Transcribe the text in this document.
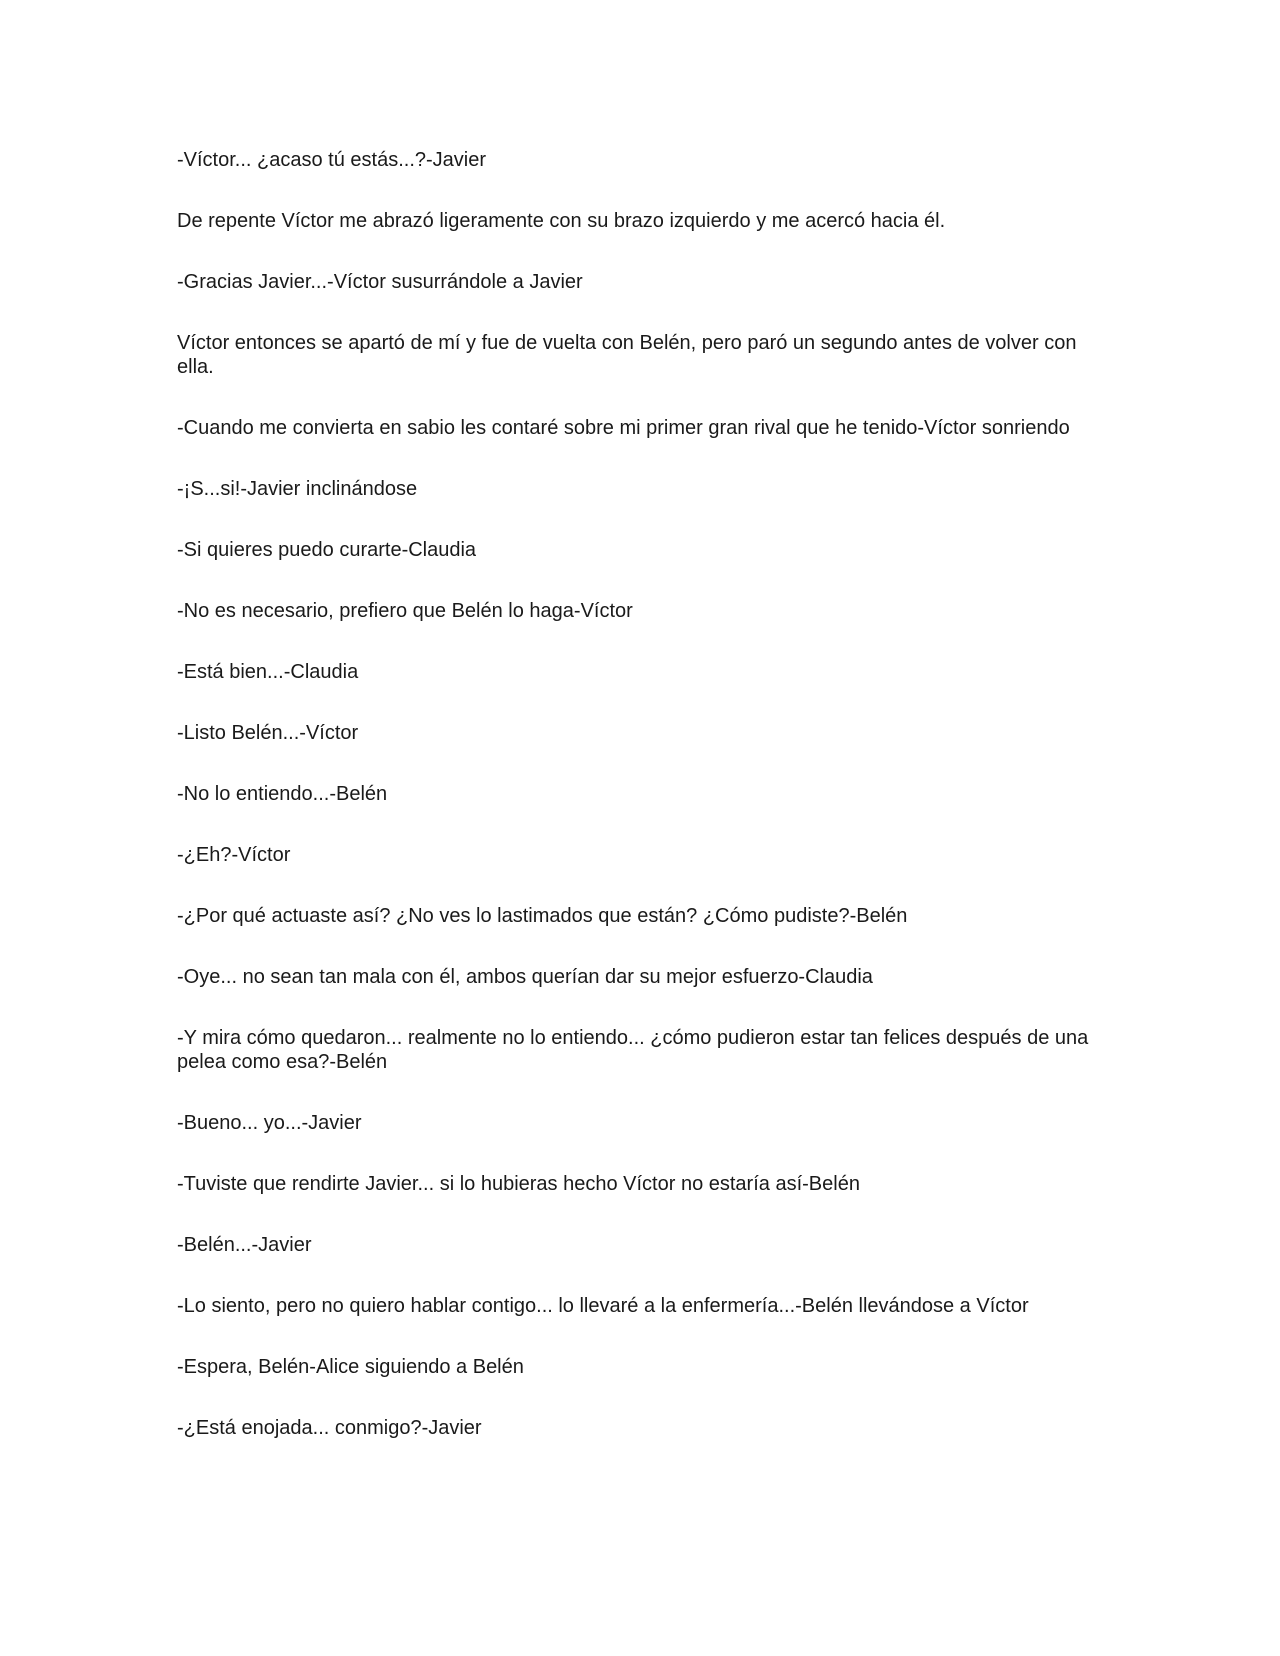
-Víctor... ¿acaso tú estás...?-Javier

De repente Víctor me abrazó ligeramente con su brazo izquierdo y me acercó hacia él.

-Gracias Javier...-Víctor susurrándole a Javier

Víctor entonces se apartó de mí y fue de vuelta con Belén, pero paró un segundo antes de volver con ella.

-Cuando me convierta en sabio les contaré sobre mi primer gran rival que he tenido-Víctor sonriendo

-¡S...si!-Javier inclinándose

-Si quieres puedo curarte-Claudia

-No es necesario, prefiero que Belén lo haga-Víctor

-Está bien...-Claudia

-Listo Belén...-Víctor

-No lo entiendo...-Belén

-¿Eh?-Víctor

-¿Por qué actuaste así? ¿No ves lo lastimados que están? ¿Cómo pudiste?-Belén

-Oye... no sean tan mala con él, ambos querían dar su mejor esfuerzo-Claudia

-Y mira cómo quedaron... realmente no lo entiendo... ¿cómo pudieron estar tan felices después de una pelea como esa?-Belén

-Bueno... yo...-Javier

-Tuviste que rendirte Javier... si lo hubieras hecho Víctor no estaría así-Belén

-Belén...-Javier

-Lo siento, pero no quiero hablar contigo... lo llevaré a la enfermería...-Belén llevándose a Víctor

-Espera, Belén-Alice siguiendo a Belén

-¿Está enojada... conmigo?-Javier
